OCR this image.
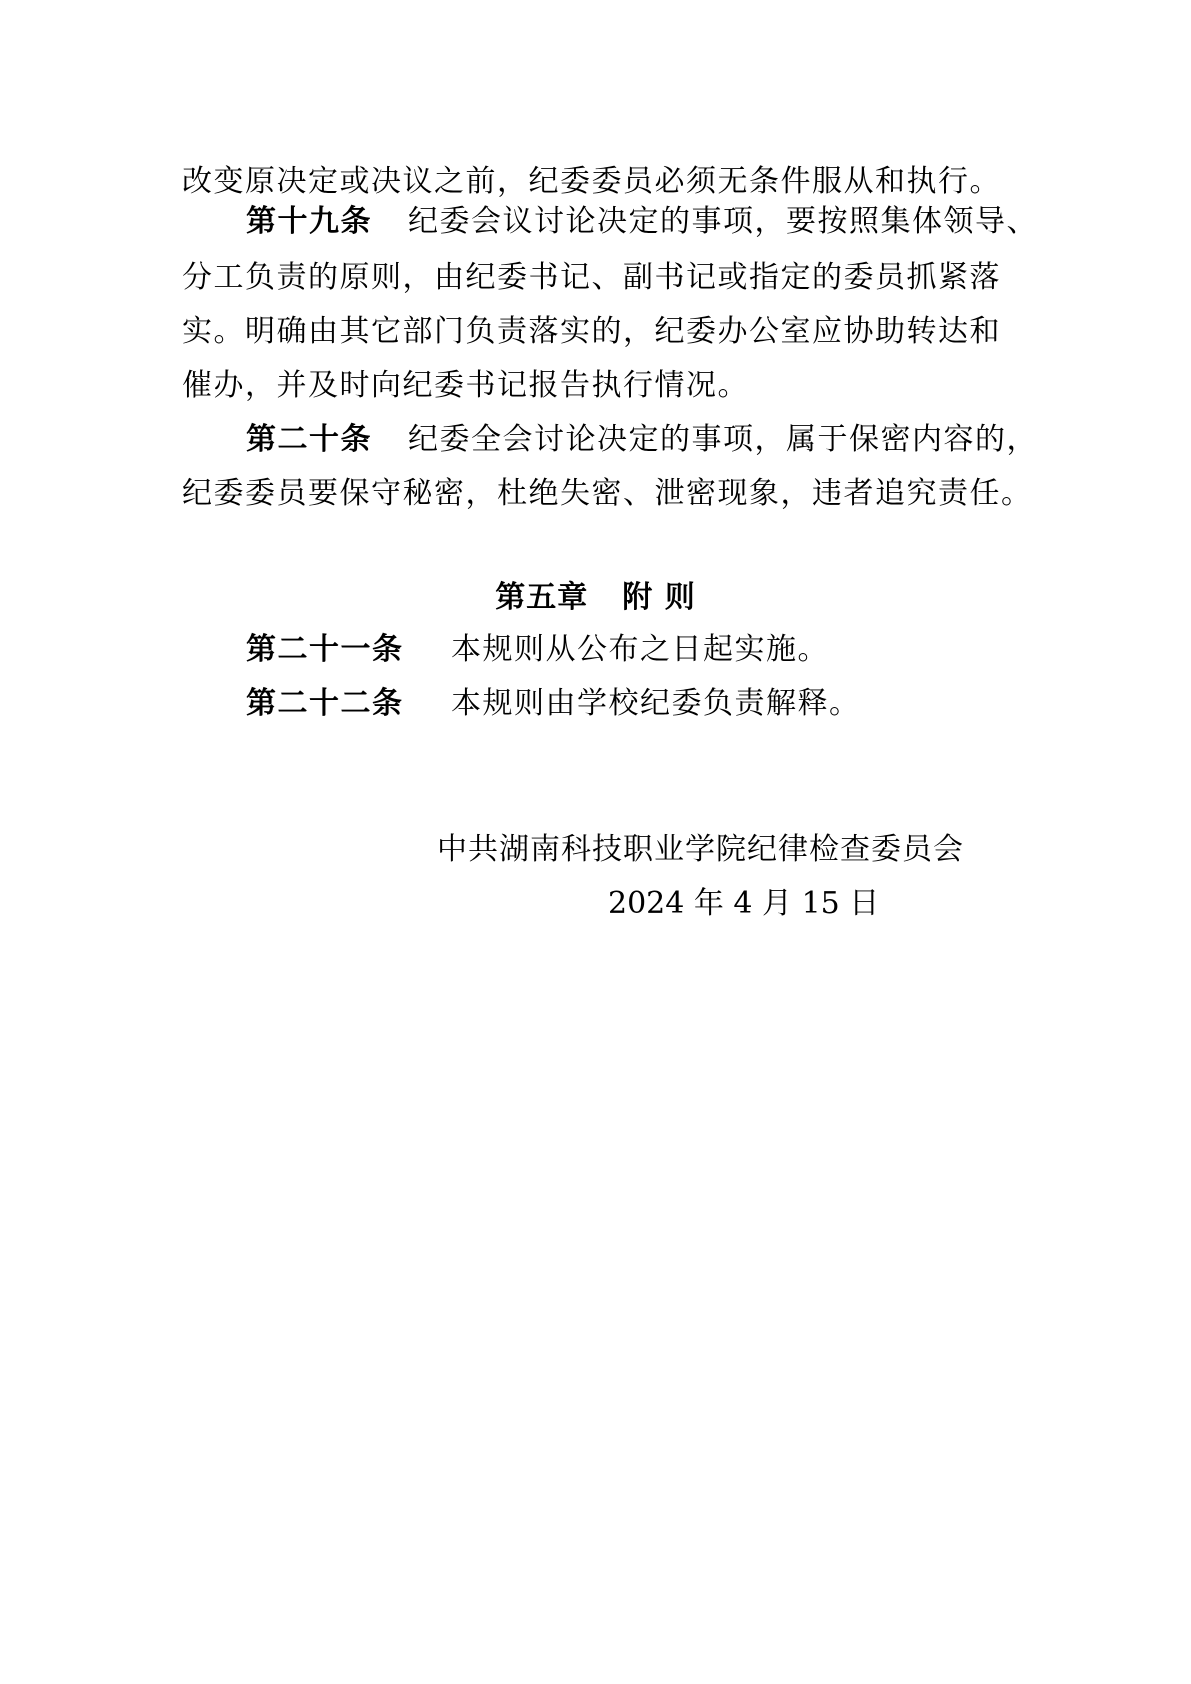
改变原决定或决议之前，纪委委员必须无条件服从和执行。
第十九条 纪委会议讨论决定的事项，要按照集体领导、
分工负责的原则，由纪委书记、副书记或指定的委员抓紧落
实。明确由其它部门负责落实的，纪委办公室应协助转达和
催办，并及时向纪委书记报告执行情况。
第二十条 纪委全会讨论决定的事项，属于保密内容的，
纪委委员要保守秘密，杜绝失密、泄密现象，违者追究责任。
第五章 附 则
第二十一条 本规则从公布之日起实施。
第二十二条 本规则由学校纪委负责解释。
中共湖南科技职业学院纪律检查委员会
2024 年 4 月 15 日
